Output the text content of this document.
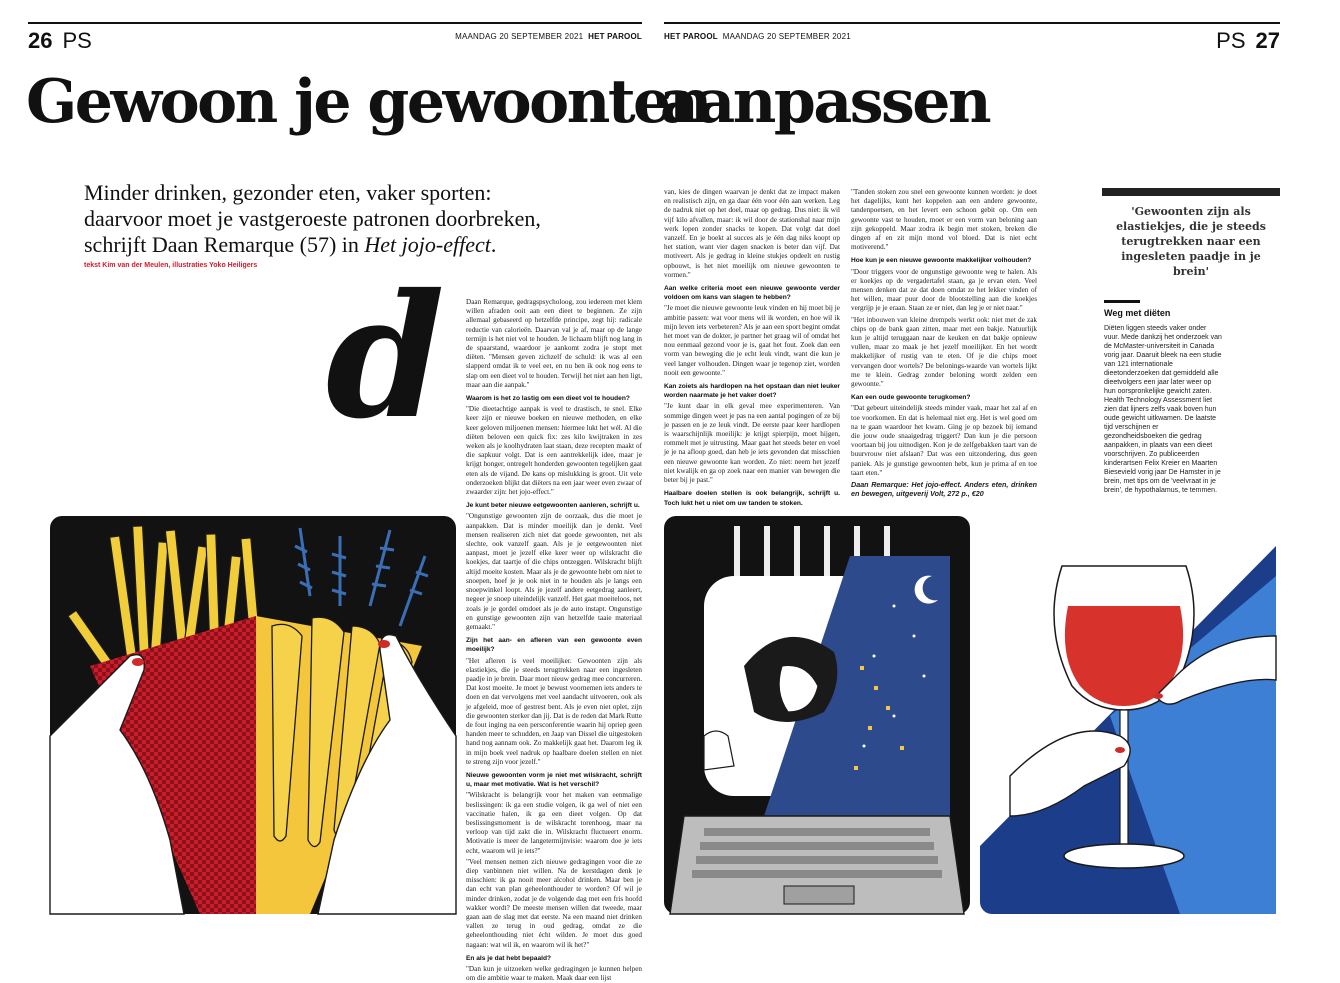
26 PS	MAANDAG 20 SEPTEMBER 2021 HET PAROOL	HET PAROOL MAANDAG 20 SEPTEMBER 2021	PS 27
Gewoon je gewoonten
aanpassen
Minder drinken, gezonder eten, vaker sporten:
daarvoor moet je vastgeroeste patronen doorbreken,
schrijft Daan Remarque (57) in Het jojo-effect.
tekst Kim van der Meulen, illustraties Yoko Heiligers d	Daan Remarque, gedragspsycholoog, zou iedereen met klem willen afraden ooit aan een dieet te beginnen. Ze zijn allemaal gebaseerd op hetzelfde principe, zegt hij: radicale reductie van calorieën. Daarvan val je af, maar op de lange termijn is het niet vol te houden. Je lichaam blijft nog lang in de spaarstand, waardoor je aankomt zodra je stopt met diëten. "Mensen geven zichzelf de schuld: ik was al een slapperd omdat ik te veel eet, en nu ben ik ook nog eens te slap om een dieet vol te houden. Terwijl het niet aan hen ligt, maar aan die aanpak."

Waarom is het zo lastig om een dieet vol te houden?

"Die dieetachtige aanpak is veel te drastisch, te snel. Elke keer zijn er nieuwe boeken en nieuwe methoden, en elke keer geloven miljoenen mensen: hiermee lukt het wél. Al die diëten beloven een quick fix: zes kilo kwijtraken in zes weken als je koolhydraten laat staan, deze recepten maakt of die sapkuur volgt. Dat is een aantrekkelijk idee, maar je krijgt honger, ontregelt honderden gewoonten tegelijken gaat eten als de vijand. De kans op mislukking is groot. Uit vele onderzoeken blijkt dat diëters na een jaar weer even zwaar of zwaarder zijn: het jojo-effect."

Je kunt beter nieuwe eetgewoonten aanleren, schrijft u.

"Ongunstige gewoonten zijn de oorzaak, dus die moet je aanpakken. Dat is minder moeilijk dan je denkt. Veel mensen realiseren zich niet dat goede gewoonten, net als slechte, ook vanzelf gaan. Als je je eetgewoonten niet aanpast, moet je jezelf elke keer weer op wilskracht die koekjes, dat taartje of die chips ontzeggen. Wilskracht blijft altijd moeite kosten. Maar als je de gewoonte hebt om niet te snoepen, hoef je je ook niet in te houden als je langs een snoepwinkel loopt. Als je jezelf andere eetgedrag aanleert, negeer je snoep uiteindelijk vanzelf. Het gaat moeiteloos, net zoals je je gordel omdoet als je de auto instapt. Ongunstige en gunstige gewoonten zijn van hetzelfde taaie materiaal gemaakt."

Zijn het aan- en afleren van een gewoonte even moeilijk?

"Het afleren is veel moeilijker. Gewoonten zijn als elastiekjes, die je steeds terugtrekken naar een ingesleten paadje in je brein. Daar moet nieuw gedrag mee concurreren. Dat kost moeite. Je moet je bewust voornemen iets anders te doen en dat vervolgens met veel aandacht uitvoeren, ook als je afgeleid, moe of gestrest bent. Als je even niet oplet, zijn die gewoonten sterker dan jij. Dat is de reden dat Mark Rutte de fout inging na een persconferentie waarin hij opriep geen handen meer te schudden, en Jaap van Dissel die uitgestoken hand nog aannam ook. Zo makkelijk gaat het. Daarom leg ik in mijn boek veel nadruk op haalbare doelen stellen en niet te streng zijn voor jezelf."

Nieuwe gewoonten vorm je niet met wilskracht, schrijft u, maar met motivatie. Wat is het verschil?

"Wilskracht is belangrijk voor het maken van eenmalige beslissingen: ik ga een studie volgen, ik ga wel of niet een vaccinatie halen, ik ga een dieet volgen. Op dat beslissingsmoment is de wilskracht torenhoog, maar na verloop van tijd zakt die in. Wilskracht fluctueert enorm. Motivatie is meer de langetermijnvisie: waarom doe je iets echt, waarom wil je iets?"

"Veel mensen nemen zich nieuwe gedragingen voor die ze diep vanbinnen niet willen. Na de kerstdagen denk je misschien: ik ga nooit meer alcohol drinken. Maar ben je dan echt van plan geheelonthouder te worden? Of wil je minder drinken, zodat je de volgende dag met een fris hoofd wakker wordt? De meeste mensen willen dat tweede, maar gaan aan de slag met dat eerste. Na een maand niet drinken vallen ze terug in oud gedrag, omdat ze die geheelonthouding niet écht wilden. Je moet dus goed nagaan: wat wil ik, en waarom wil ik het?"

En als je dat hebt bepaald?

"Dan kun je uitzoeken welke gedragingen je kunnen helpen om die ambitie waar te maken. Maak daar een lijst

van, kies de dingen waarvan je denkt dat ze impact maken en realistisch zijn, en ga daar één voor één aan werken. Leg de nadruk niet op het doel, maar op gedrag. Dus niet: ik wil vijf kilo afvallen, maar: ik wil door de stationshal naar mijn werk lopen zonder snacks te kopen. Dat volgt dat doel vanzelf. En je boekt al succes als je één dag niks koopt op het station, want vier dagen snacken is beter dan vijf. Dat motiveert. Als je gedrag in kleine stukjes opdeelt en rustig opbouwt, is het niet moeilijk om nieuwe gewoonten te vormen."

Aan welke criteria moet een nieuwe gewoonte verder voldoen om kans van slagen te hebben?

"Je moet die nieuwe gewoonte leuk vinden en hij moet bij je ambitie passen: wat voor mens wil ik worden, en hoe wil ik mijn leven iets verbeteren? Als je aan een sport begint omdat het moet van de dokter, je partner het graag wil of omdat het nou eenmaal gezond voor je is, gaat het fout. Zoek dan een vorm van beweging die je echt leuk vindt, want die kun je veel langer volhouden. Dingen waar je tegenop ziet, worden nooit een gewoonte."

Kan zoiets als hardlopen na het opstaan dan niet leuker worden naarmate je het vaker doet?

"Je kunt daar in elk geval mee experimenteren. Van sommige dingen weet je pas na een aantal pogingen of ze bij je passen en je ze leuk vindt. De eerste paar keer hardlopen is waarschijnlijk moeilijk: je krijgt spierpijn, moet hijgen, rommelt met je uitrusting. Maar gaat het steeds beter en voel je je na afloop goed, dan heb je iets gevonden dat misschien een nieuwe gewoonte kan worden. Zo niet: neem het jezelf niet kwalijk en ga op zoek naar een manier van bewegen die beter bij je past."

Haalbare doelen stellen is ook belangrijk, schrijft u. Toch lukt het u niet om uw tanden te stoken.

"Tanden stoken zou snel een gewoonte kunnen worden: je doet het dagelijks, kunt het koppelen aan een andere gewoonte, tandenpoetsen, en het levert een schoon gebit op. Om een gewoonte vast te houden, moet er een vorm van beloning aan zijn gekoppeld. Maar zodra ik begin met stoken, breken die dingen af en zit mijn mond vol bloed. Dat is niet echt motiverend."

Hoe kun je een nieuwe gewoonte makkelijker volhouden?

"Door triggers voor de ongunstige gewoonte weg te halen. Als er koekjes op de vergadertafel staan, ga je ervan eten. Veel mensen denken dat ze dat doen omdat ze het lekker vinden of het willen, maar puur door de blootstelling aan die koekjes vergrijp je je eraan. Staan ze er niet, dan leg je er niet naar."

"Het inbouwen van kleine drempels werkt ook: niet met de zak chips op de bank gaan zitten, maar met een bakje. Natuurlijk kun je altijd teruggaan naar de keuken en dat bakje opnieuw vullen, maar zo maak je het jezelf moeilijker. En het wordt makkelijker of rustig van te eten. Of je die chips moet vervangen door wortels? De belonings-waarde van wortels lijkt me te klein. Gedrag zonder beloning wordt zelden een gewoonte."

Kan een oude gewoonte terugkomen?

"Dat gebeurt uiteindelijk steeds minder vaak, maar het zal af en toe voorkomen. En dat is helemaal niet erg. Het is wel goed om na te gaan waardoor het kwam. Ging je op bezoek bij iemand die jouw oude snaaigedrag triggert? Dan kun je die persoon voortaan bij jou uitnodigen. Kon je de zelfgebakken taart van de buurvrouw niet afslaan? Dat was een uitzondering, dus geen paniek. Als je gunstige gewoonten hebt, kun je prima af en toe taart eten."

Daan Remarque: Het jojo-effect. Anders eten, drinken en bewegen, uitgeverij Volt, 272 p., €20

'Gewoonten zijn als elastiekjes, die je steeds terugtrekken naar een ingesleten paadje in je brein'
Weg met diëten
Diëten liggen steeds vaker onder vuur. Mede dankzij het onderzoek van de McMaster-universiteit in Canada vorig jaar. Daaruit bleek na een studie van 121 internationale dieetonderzoeken dat gemiddeld alle dieetvolgers een jaar later weer op hun oorspronkelijke gewicht zaten. Health Technology Assessment liet zien dat lijners zelfs vaak boven hun oude gewicht uitkwamen. De laatste tijd verschijnen er gezondheidsboeken die gedrag aanpakken, in plaats van een dieet voorschrijven. Zo publiceerden kinderartsen Felix Kreier en Maarten Biesevield vorig jaar De Hamster in je brein, met tips om de 'veelvraat in je brein', de hypothalamus, te temmen.
